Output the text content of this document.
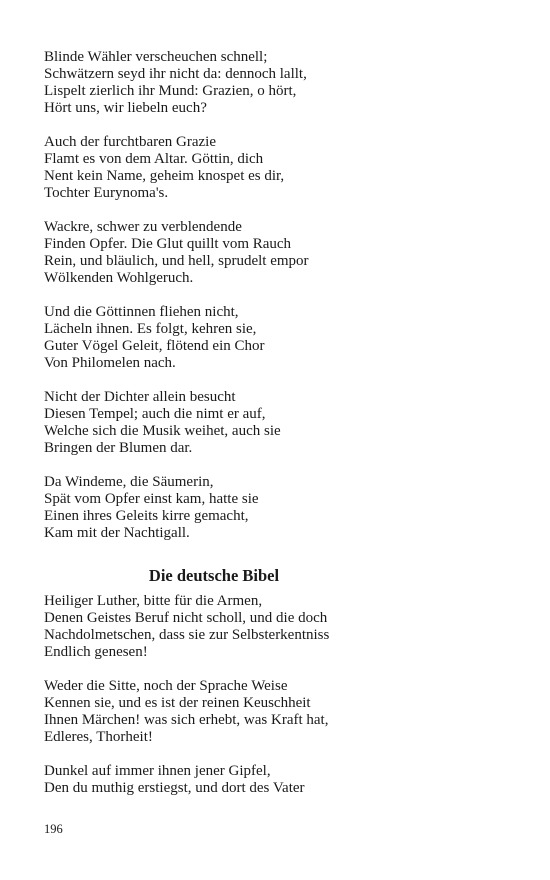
Blinde Wähler verscheuchen schnell;
Schwätzern seyd ihr nicht da: dennoch lallt,
Lispelt zierlich ihr Mund: Grazien, o hört,
Hört uns, wir liebeln euch?
Auch der furchtbaren Grazie
Flamt es von dem Altar. Göttin, dich
Nent kein Name, geheim knospet es dir,
Tochter Eurynoma's.
Wackre, schwer zu verblendende
Finden Opfer. Die Glut quillt vom Rauch
Rein, und bläulich, und hell, sprudelt empor
Wölkenden Wohlgeruch.
Und die Göttinnen fliehen nicht,
Lächeln ihnen. Es folgt, kehren sie,
Guter Vögel Geleit, flötend ein Chor
Von Philomelen nach.
Nicht der Dichter allein besucht
Diesen Tempel; auch die nimt er auf,
Welche sich die Musik weihet, auch sie
Bringen der Blumen dar.
Da Windeme, die Säumerin,
Spät vom Opfer einst kam, hatte sie
Einen ihres Geleits kirre gemacht,
Kam mit der Nachtigall.
Die deutsche Bibel
Heiliger Luther, bitte für die Armen,
Denen Geistes Beruf nicht scholl, und die doch
Nachdolmetschen, dass sie zur Selbsterkentniss
Endlich genesen!
Weder die Sitte, noch der Sprache Weise
Kennen sie, und es ist der reinen Keuschheit
Ihnen Märchen! was sich erhebt, was Kraft hat,
Edleres, Thorheit!
Dunkel auf immer ihnen jener Gipfel,
Den du muthig erstiegst, und dort des Vater
196
